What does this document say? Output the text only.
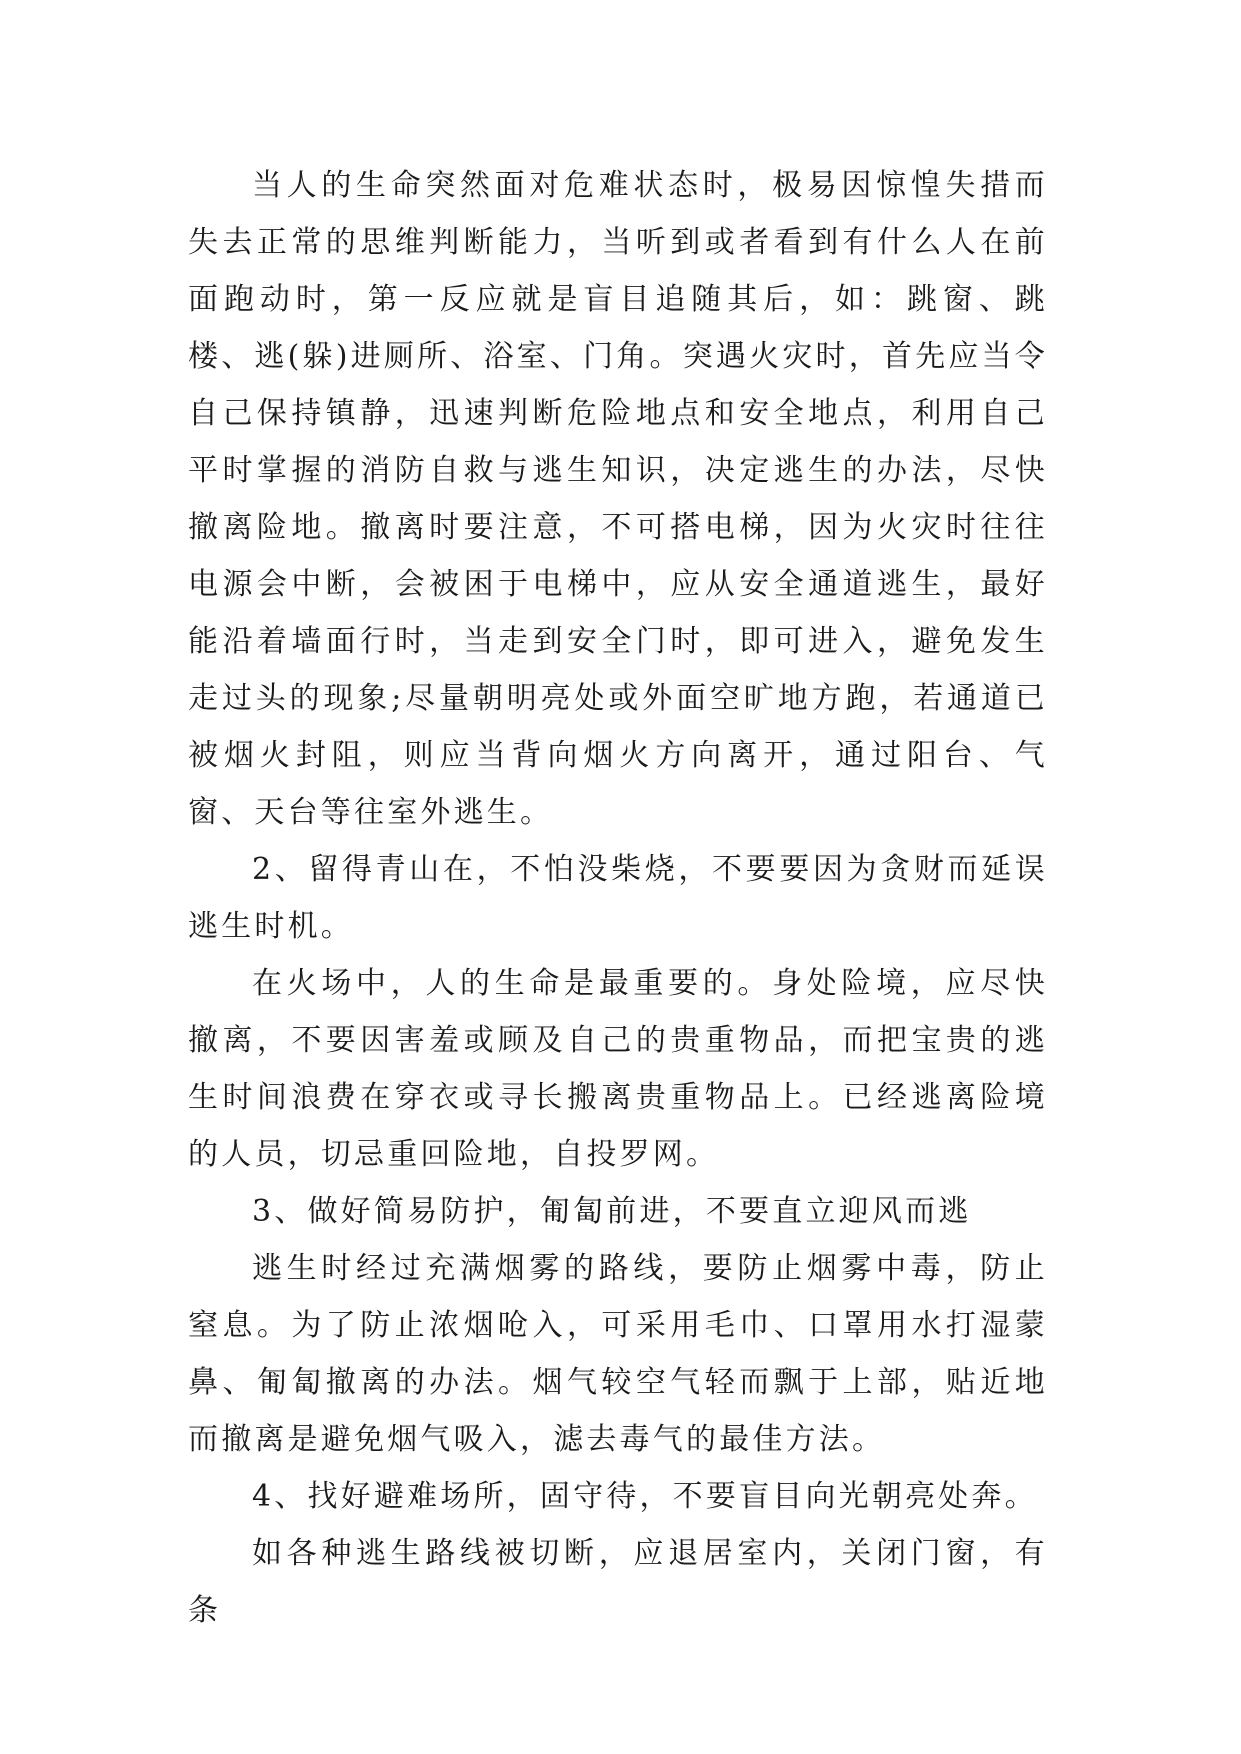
当人的生命突然面对危难状态时，极易因惊惶失措而失去正常的思维判断能力，当听到或者看到有什么人在前面跑动时，第一反应就是盲目追随其后，如：跳窗、跳楼、逃(躲)进厕所、浴室、门角。突遇火灾时，首先应当令自己保持镇静，迅速判断危险地点和安全地点，利用自己平时掌握的消防自救与逃生知识，决定逃生的办法，尽快撤离险地。撤离时要注意，不可搭电梯，因为火灾时往往电源会中断，会被困于电梯中，应从安全通道逃生，最好能沿着墙面行时，当走到安全门时，即可进入，避免发生走过头的现象;尽量朝明亮处或外面空旷地方跑，若通道已被烟火封阻，则应当背向烟火方向离开，通过阳台、气窗、天台等往室外逃生。

2、留得青山在，不怕没柴烧，不要要因为贪财而延误逃生时机。

在火场中，人的生命是最重要的。身处险境，应尽快撤离，不要因害羞或顾及自己的贵重物品，而把宝贵的逃生时间浪费在穿衣或寻长搬离贵重物品上。已经逃离险境的人员，切忌重回险地，自投罗网。

3、做好简易防护，匍匐前进，不要直立迎风而逃

逃生时经过充满烟雾的路线，要防止烟雾中毒，防止窒息。为了防止浓烟呛入，可采用毛巾、口罩用水打湿蒙鼻、匍匐撤离的办法。烟气较空气轻而飘于上部，贴近地而撤离是避免烟气吸入，滤去毒气的最佳方法。

4、找好避难场所，固守待，不要盲目向光朝亮处奔。

如各种逃生路线被切断，应退居室内，关闭门窗，有条
